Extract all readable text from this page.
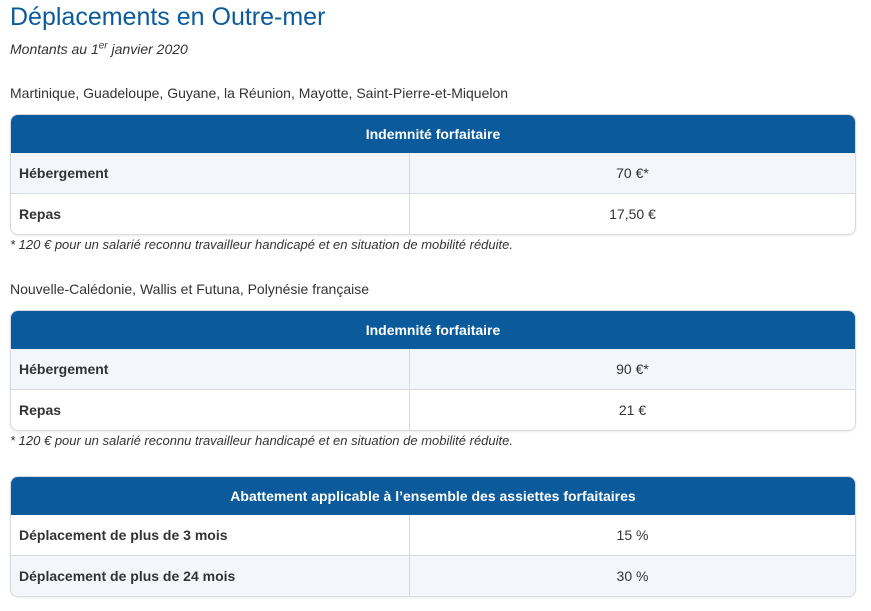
Déplacements en Outre-mer

Montants au 1er janvier 2020

Martinique, Guadeloupe, Guyane, la Réunion, Mayotte, Saint-Pierre-et-Miquelon

Indemnité forfaitaire
Hébergement	70 €*
Repas	17,50 €

* 120 € pour un salarié reconnu travailleur handicapé et en situation de mobilité réduite.

Nouvelle-Calédonie, Wallis et Futuna, Polynésie française

Indemnité forfaitaire
Hébergement	90 €*
Repas	21 €

* 120 € pour un salarié reconnu travailleur handicapé et en situation de mobilité réduite.

Abattement applicable à l’ensemble des assiettes forfaitaires
Déplacement de plus de 3 mois	15 %
Déplacement de plus de 24 mois	30 %
